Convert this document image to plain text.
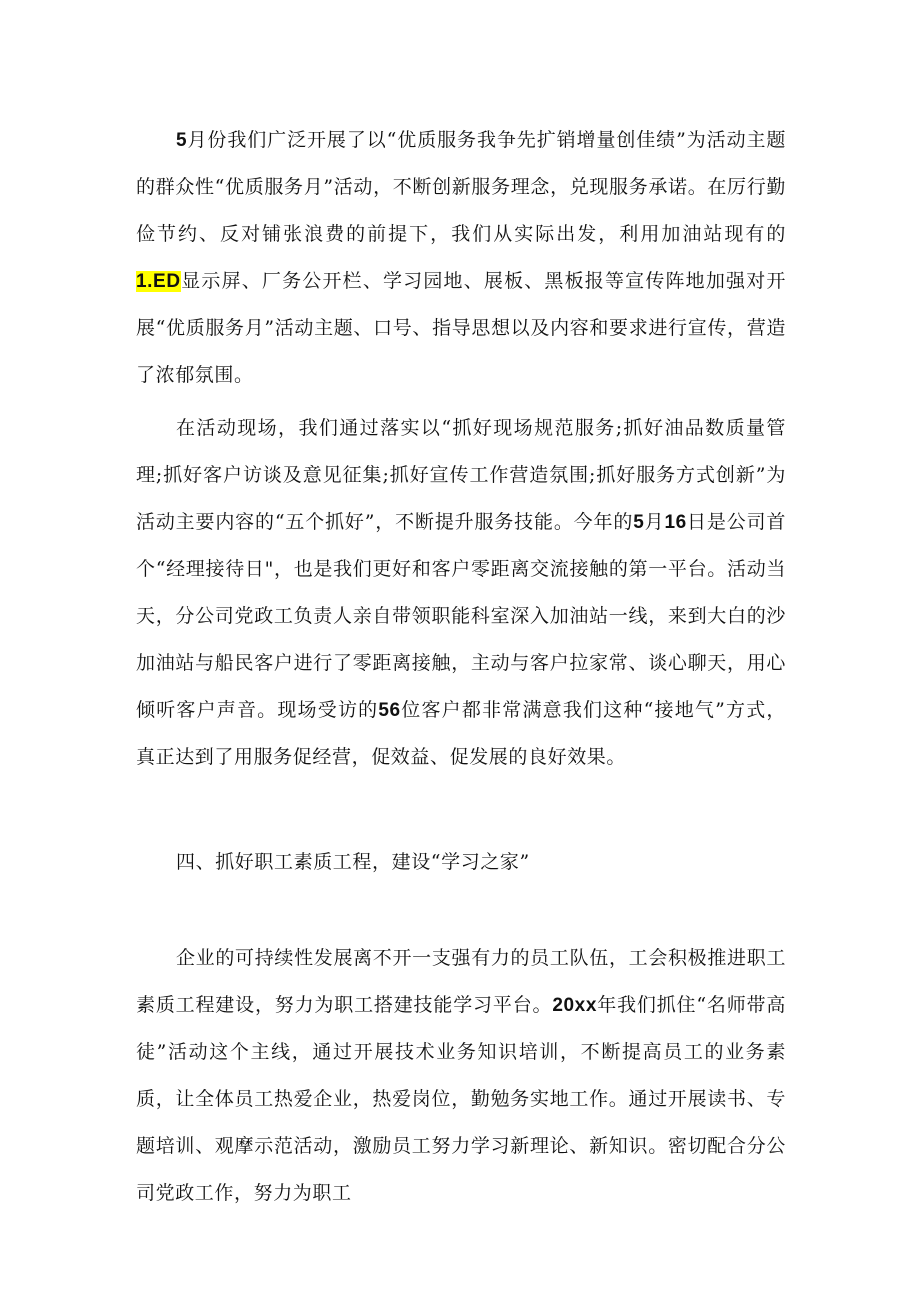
5月份我们广泛开展了以“优质服务我争先扩销增量创佳绩”为活动主题的群众性“优质服务月”活动，不断创新服务理念，兑现服务承诺。在厉行勤俭节约、反对铺张浪费的前提下，我们从实际出发，利用加油站现有的1.ED显示屏、厂务公开栏、学习园地、展板、黑板报等宣传阵地加强对开展“优质服务月”活动主题、口号、指导思想以及内容和要求进行宣传，营造了浓郁氛围。

在活动现场，我们通过落实以“抓好现场规范服务;抓好油品数质量管理;抓好客户访谈及意见征集;抓好宣传工作营造氛围;抓好服务方式创新”为活动主要内容的“五个抓好”，不断提升服务技能。今年的5月16日是公司首个“经理接待日"，也是我们更好和客户零距离交流接触的第一平台。活动当天，分公司党政工负责人亲自带领职能科室深入加油站一线，来到大白的沙加油站与船民客户进行了零距离接触，主动与客户拉家常、谈心聊天，用心倾听客户声音。现场受访的56位客户都非常满意我们这种“接地气”方式，真正达到了用服务促经营，促效益、促发展的良好效果。

四、抓好职工素质工程，建设“学习之家”

企业的可持续性发展离不开一支强有力的员工队伍，工会积极推进职工素质工程建设，努力为职工搭建技能学习平台。20xx年我们抓住“名师带高徒”活动这个主线，通过开展技术业务知识培训，不断提高员工的业务素质，让全体员工热爱企业，热爱岗位，勤勉务实地工作。通过开展读书、专题培训、观摩示范活动，激励员工努力学习新理论、新知识。密切配合分公司党政工作，努力为职工
